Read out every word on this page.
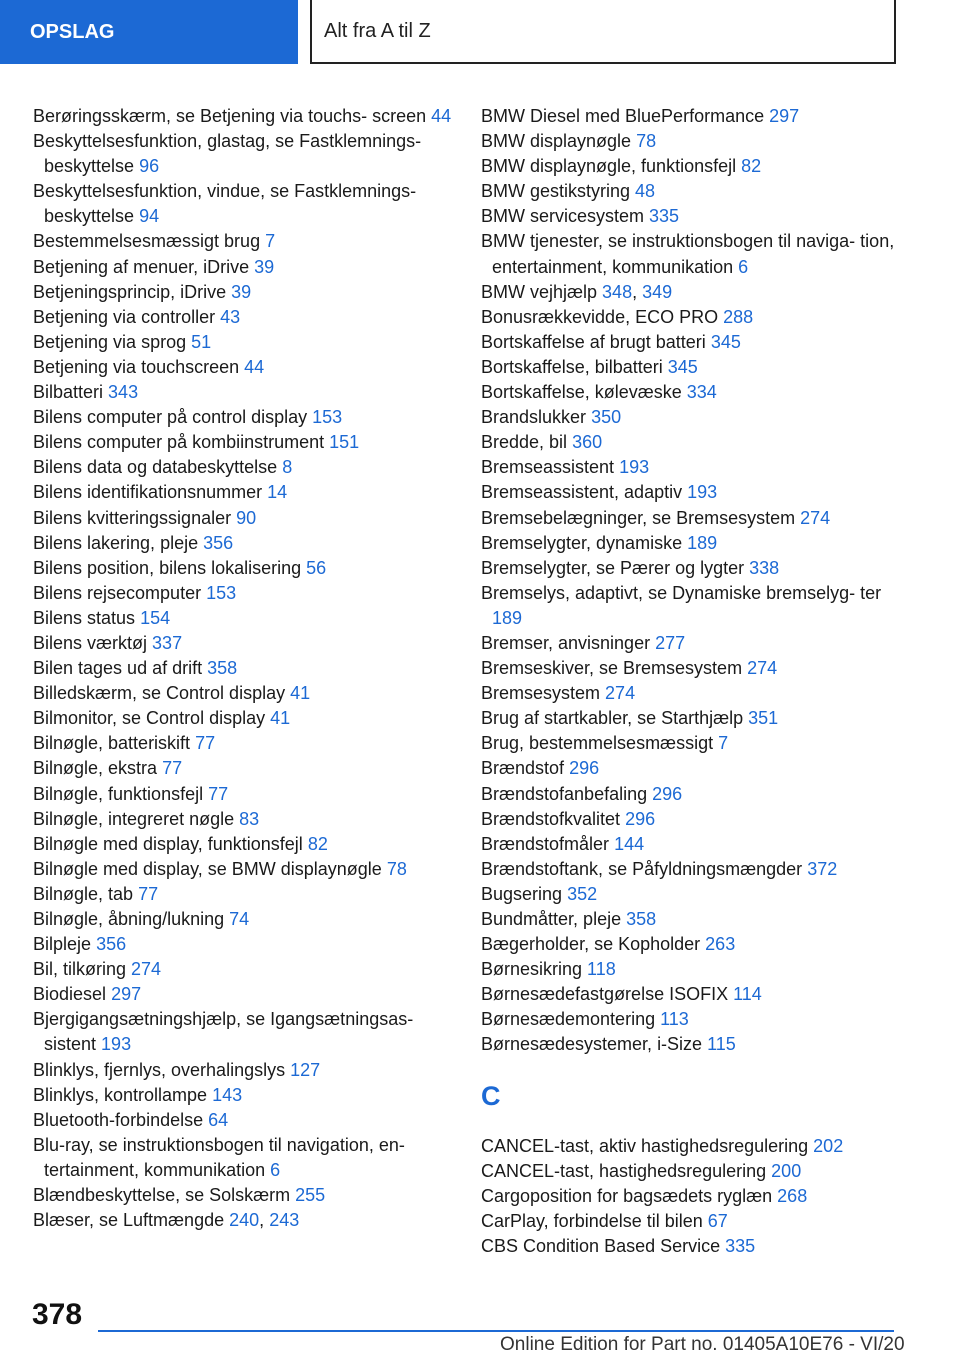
OPSLAG	Alt fra A til Z

Berøringsskærm, se Betjening via touchs‐ screen 44

Beskyttelsesfunktion, glastag, se Fastklemnings‐ beskyttelse 96

Beskyttelsesfunktion, vindue, se Fastklemnings‐ beskyttelse 94

Bestemmelsesmæssigt brug 7

Betjening af menuer, iDrive 39

Betjeningsprincip, iDrive 39

Betjening via controller 43

Betjening via sprog 51

Betjening via touchscreen 44

Bilbatteri 343

Bilens computer på control display 153

Bilens computer på kombiinstrument 151

Bilens data og databeskyttelse 8

Bilens identifikationsnummer 14

Bilens kvitteringssignaler 90

Bilens lakering, pleje 356

Bilens position, bilens lokalisering 56

Bilens rejsecomputer 153

Bilens status 154

Bilens værktøj 337

Bilen tages ud af drift 358

Billedskærm, se Control display 41

Bilmonitor, se Control display 41

Bilnøgle, batteriskift 77

Bilnøgle, ekstra 77

Bilnøgle, funktionsfejl 77

Bilnøgle, integreret nøgle 83

Bilnøgle med display, funktionsfejl 82

Bilnøgle med display, se BMW displaynøgle 78

Bilnøgle, tab 77

Bilnøgle, åbning/lukning 74

Bilpleje 356

Bil, tilkøring 274

Biodiesel 297

Bjergigangsætningshjælp, se Igangsætningsas‐ sistent 193

Blinklys, fjernlys, overhalingslys 127

Blinklys, kontrollampe 143

Bluetooth-forbindelse 64

Blu-ray, se instruktionsbogen til navigation, en‐ tertainment, kommunikation 6

Blændbeskyttelse, se Solskærm 255

Blæser, se Luftmængde 240, 243

BMW Diesel med BluePerformance 297

BMW displaynøgle 78

BMW displaynøgle, funktionsfejl 82

BMW gestikstyring 48

BMW servicesystem 335

BMW tjenester, se instruktionsbogen til naviga‐ tion, entertainment, kommunikation 6

BMW vejhjælp 348, 349

Bonusrækkevidde, ECO PRO 288

Bortskaffelse af brugt batteri 345

Bortskaffelse, bilbatteri 345

Bortskaffelse, kølevæske 334

Brandslukker 350

Bredde, bil 360

Bremseassistent 193

Bremseassistent, adaptiv 193

Bremsebelægninger, se Bremsesystem 274

Bremselygter, dynamiske 189

Bremselygter, se Pærer og lygter 338

Bremselys, adaptivt, se Dynamiske bremselyg‐ ter 189

Bremser, anvisninger 277

Bremseskiver, se Bremsesystem 274

Bremsesystem 274

Brug af startkabler, se Starthjælp 351

Brug, bestemmelsesmæssigt 7

Brændstof 296

Brændstofanbefaling 296

Brændstofkvalitet 296

Brændstofmåler 144

Brændstoftank, se Påfyldningsmængder 372

Bugsering 352

Bundmåtter, pleje 358

Bægerholder, se Kopholder 263

Børnesikring 118

Børnesædefastgørelse ISOFIX 114

Børnesædemontering 113

Børnesædesystemer, i-Size 115

C

CANCEL-tast, aktiv hastighedsregulering 202

CANCEL-tast, hastighedsregulering 200

Cargoposition for bagsædets ryglæn 268

CarPlay, forbindelse til bilen 67

CBS Condition Based Service 335

378
Online Edition for Part no. 01405A10E76 - VI/20
